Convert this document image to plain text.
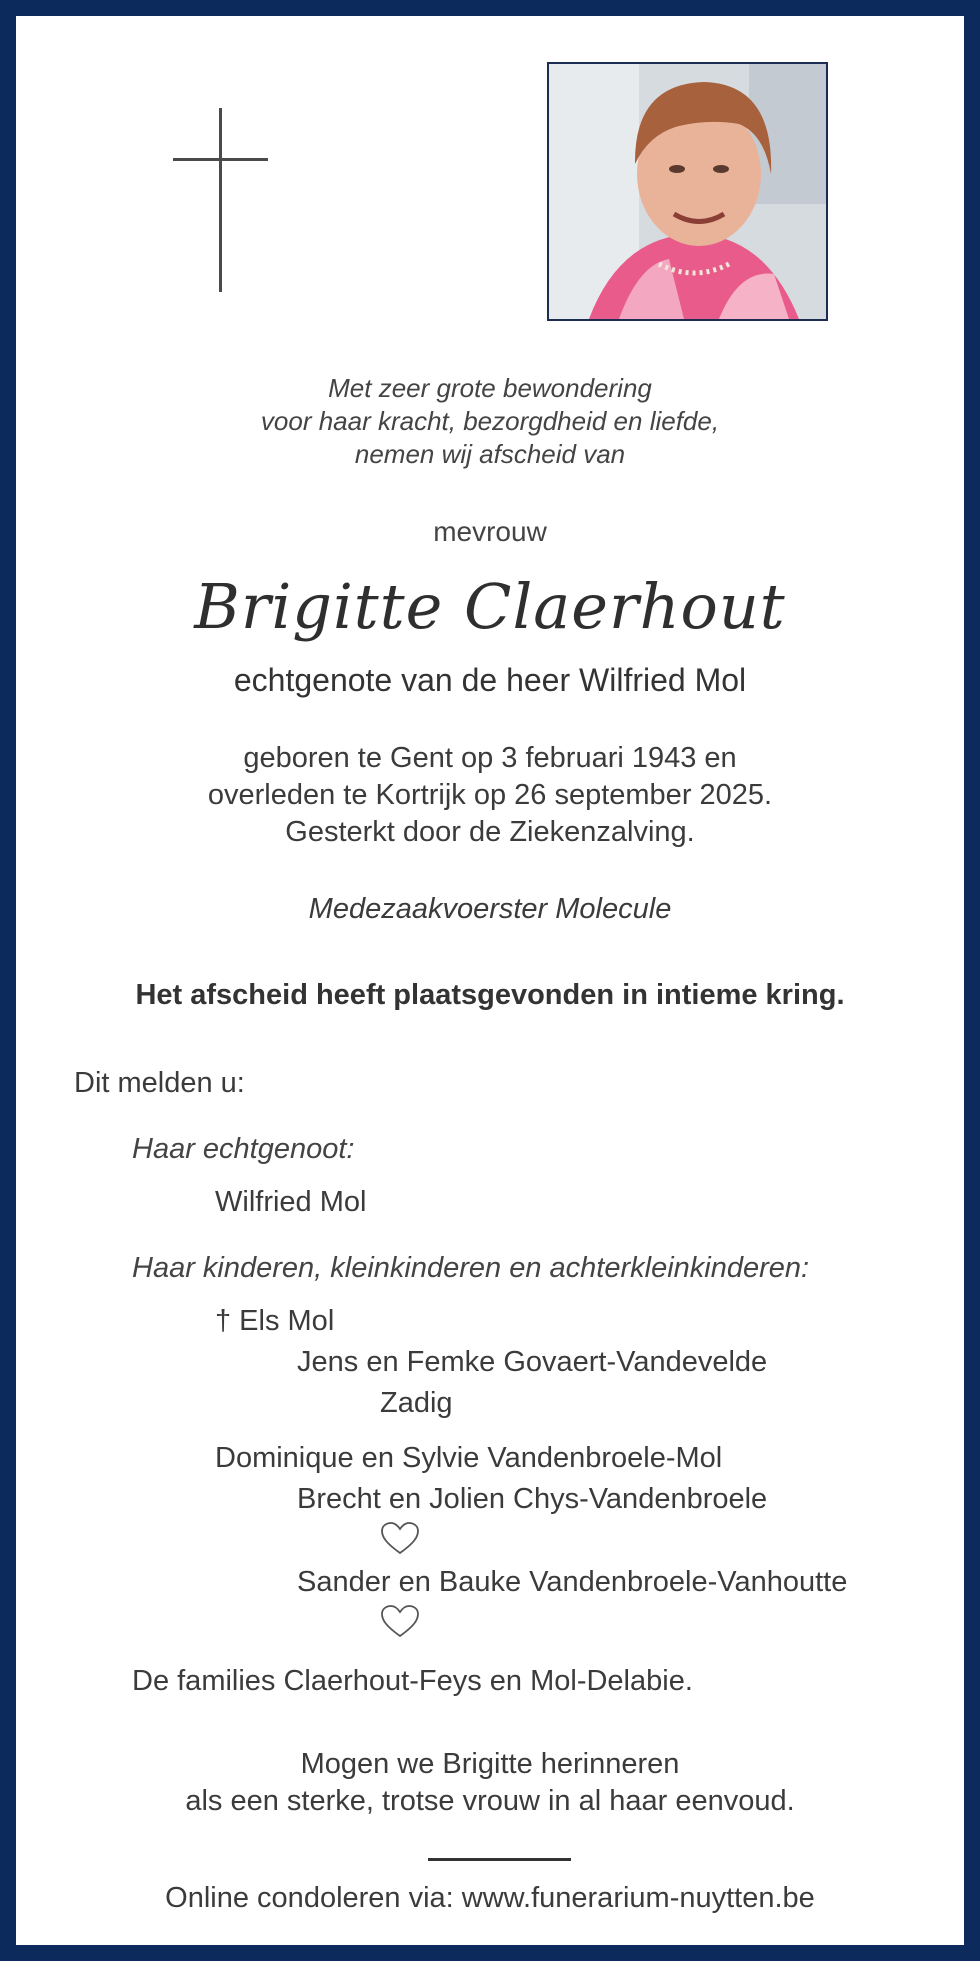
Met zeer grote bewondering
voor haar kracht, bezorgdheid en liefde,
nemen wij afscheid van
mevrouw
Brigitte Claerhout
echtgenote van de heer Wilfried Mol
geboren te Gent op 3 februari 1943 en
overleden te Kortrijk op 26 september 2025.
Gesterkt door de Ziekenzalving.
Medezaakvoerster Molecule
Het afscheid heeft plaatsgevonden in intieme kring.
Dit melden u:
Haar echtgenoot:
Wilfried Mol
Haar kinderen, kleinkinderen en achterkleinkinderen:
† Els Mol
Jens en Femke Govaert-Vandevelde
Zadig
Dominique en Sylvie Vandenbroele-Mol
Brecht en Jolien Chys-Vandenbroele
Sander en Bauke Vandenbroele-Vanhoutte
De families Claerhout-Feys en Mol-Delabie.
Mogen we Brigitte herinneren
als een sterke, trotse vrouw in al haar eenvoud.
Online condoleren via: www.funerarium-nuytten.be
